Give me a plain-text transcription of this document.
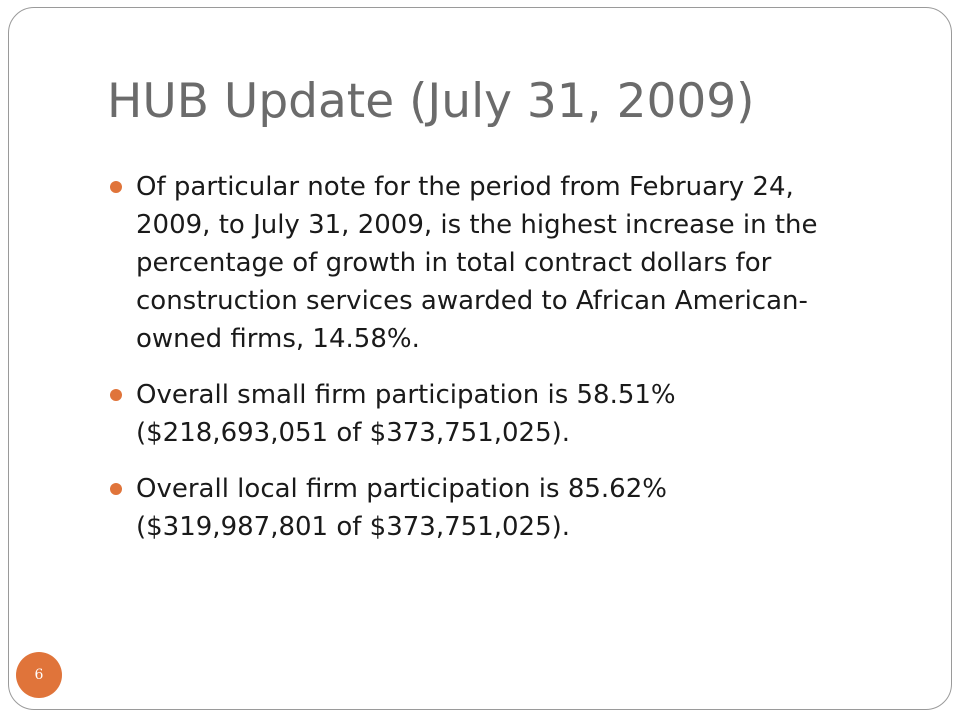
HUB Update (July 31, 2009)
Of particular note for the period from February 24, 2009, to July 31, 2009, is the highest increase in the percentage of growth in total contract dollars for construction services awarded to African American-owned firms, 14.58%.
Overall small firm participation is 58.51% ($218,693,051 of $373,751,025).
Overall local firm participation is 85.62% ($319,987,801 of $373,751,025).
6
